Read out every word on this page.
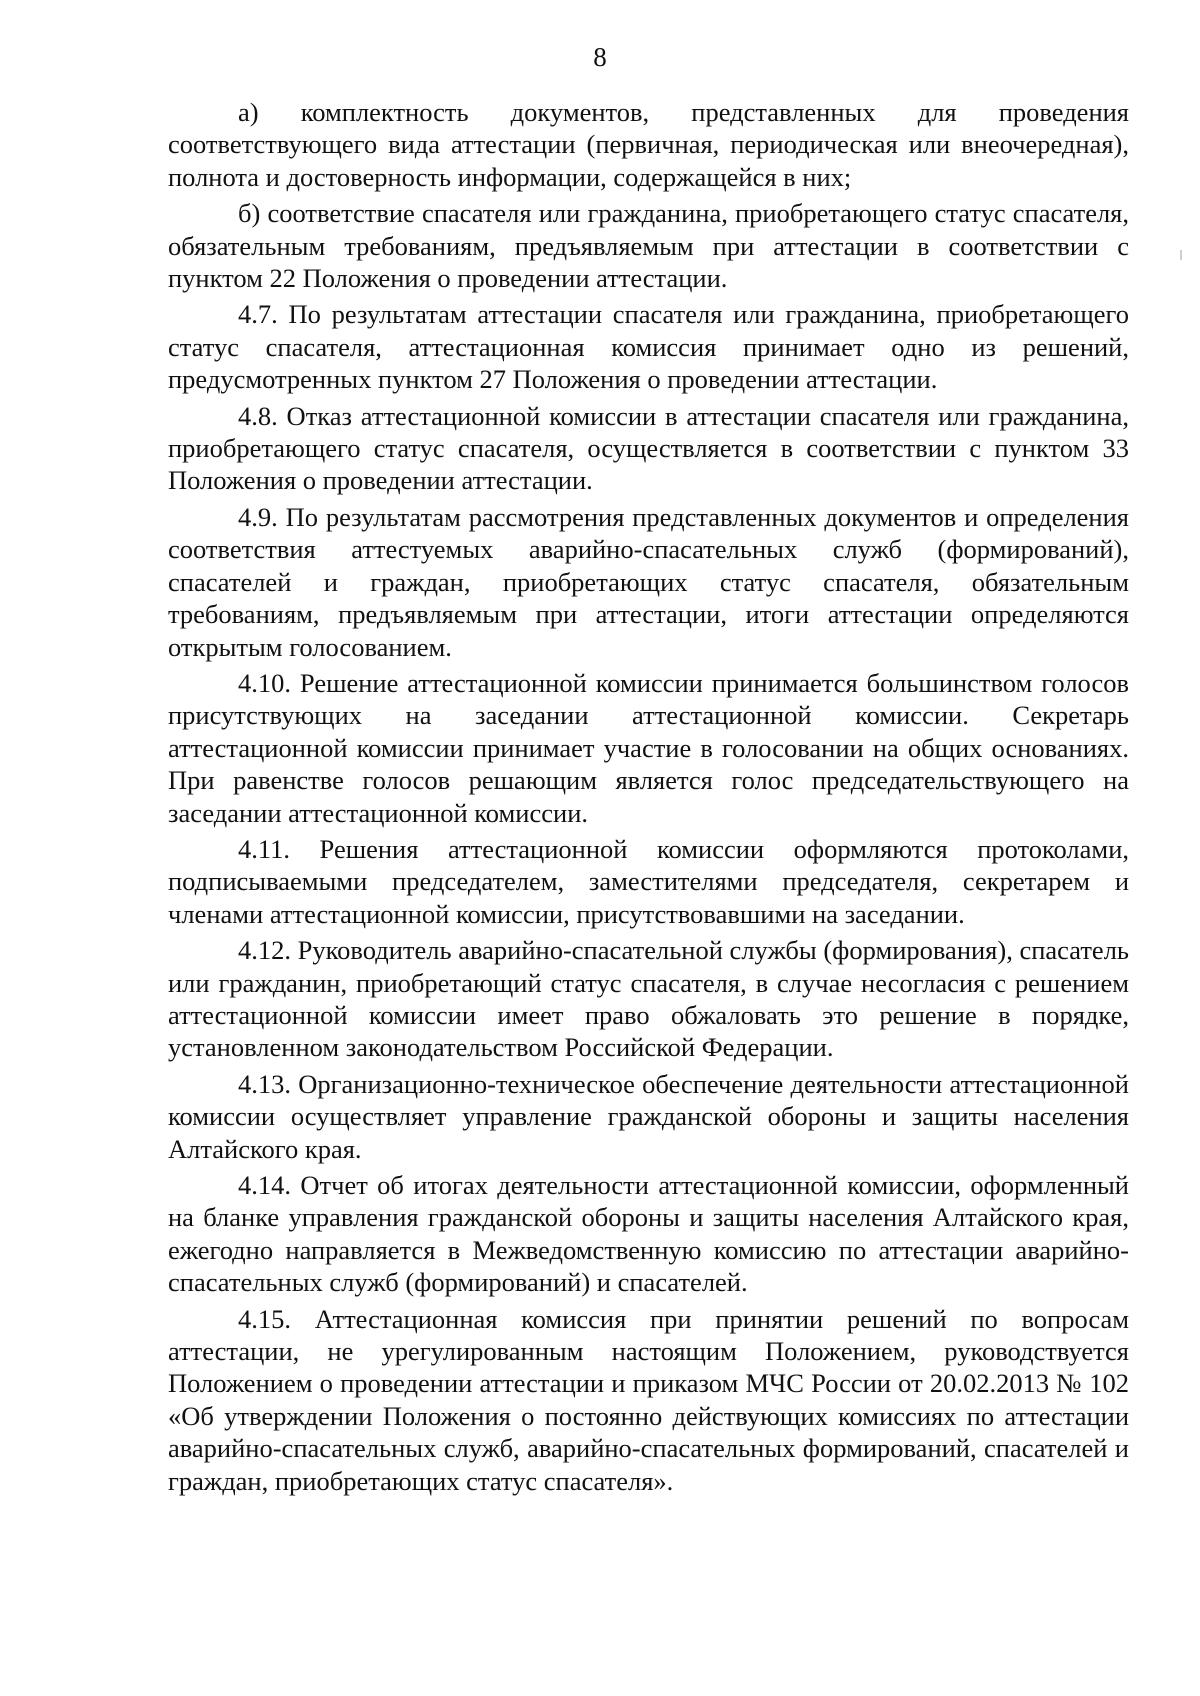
8

а) комплектность документов, представленных для проведения соответствующего вида аттестации (первичная, периодическая или внеочередная), полнота и достоверность информации, содержащейся в них;

б) соответствие спасателя или гражданина, приобретающего статус спасателя, обязательным требованиям, предъявляемым при аттестации в соответствии с пунктом 22 Положения о проведении аттестации.

4.7. По результатам аттестации спасателя или гражданина, приобретающего статус спасателя, аттестационная комиссия принимает одно из решений, предусмотренных пунктом 27 Положения о проведении аттестации.

4.8. Отказ аттестационной комиссии в аттестации спасателя или гражданина, приобретающего статус спасателя, осуществляется в соответствии с пунктом 33 Положения о проведении аттестации.

4.9. По результатам рассмотрения представленных документов и определения соответствия аттестуемых аварийно-спасательных служб (формирований), спасателей и граждан, приобретающих статус спасателя, обязательным требованиям, предъявляемым при аттестации, итоги аттестации определяются открытым голосованием.

4.10. Решение аттестационной комиссии принимается большинством голосов присутствующих на заседании аттестационной комиссии. Секретарь аттестационной комиссии принимает участие в голосовании на общих основаниях. При равенстве голосов решающим является голос председательствующего на заседании аттестационной комиссии.

4.11. Решения аттестационной комиссии оформляются протоколами, подписываемыми председателем, заместителями председателя, секретарем и членами аттестационной комиссии, присутствовавшими на заседании.

4.12. Руководитель аварийно-спасательной службы (формирования), спасатель или гражданин, приобретающий статус спасателя, в случае несогласия с решением аттестационной комиссии имеет право обжаловать это решение в порядке, установленном законодательством Российской Федерации.

4.13. Организационно-техническое обеспечение деятельности аттестационной комиссии осуществляет управление гражданской обороны и защиты населения Алтайского края.

4.14. Отчет об итогах деятельности аттестационной комиссии, оформленный на бланке управления гражданской обороны и защиты населения Алтайского края, ежегодно направляется в Межведомственную комиссию по аттестации аварийно-спасательных служб (формирований) и спасателей.

4.15. Аттестационная комиссия при принятии решений по вопросам аттестации, не урегулированным настоящим Положением, руководствуется Положением о проведении аттестации и приказом МЧС России от 20.02.2013 № 102 «Об утверждении Положения о постоянно действующих комиссиях по аттестации аварийно-спасательных служб, аварийно-спасательных формирований, спасателей и граждан, приобретающих статус спасателя».
